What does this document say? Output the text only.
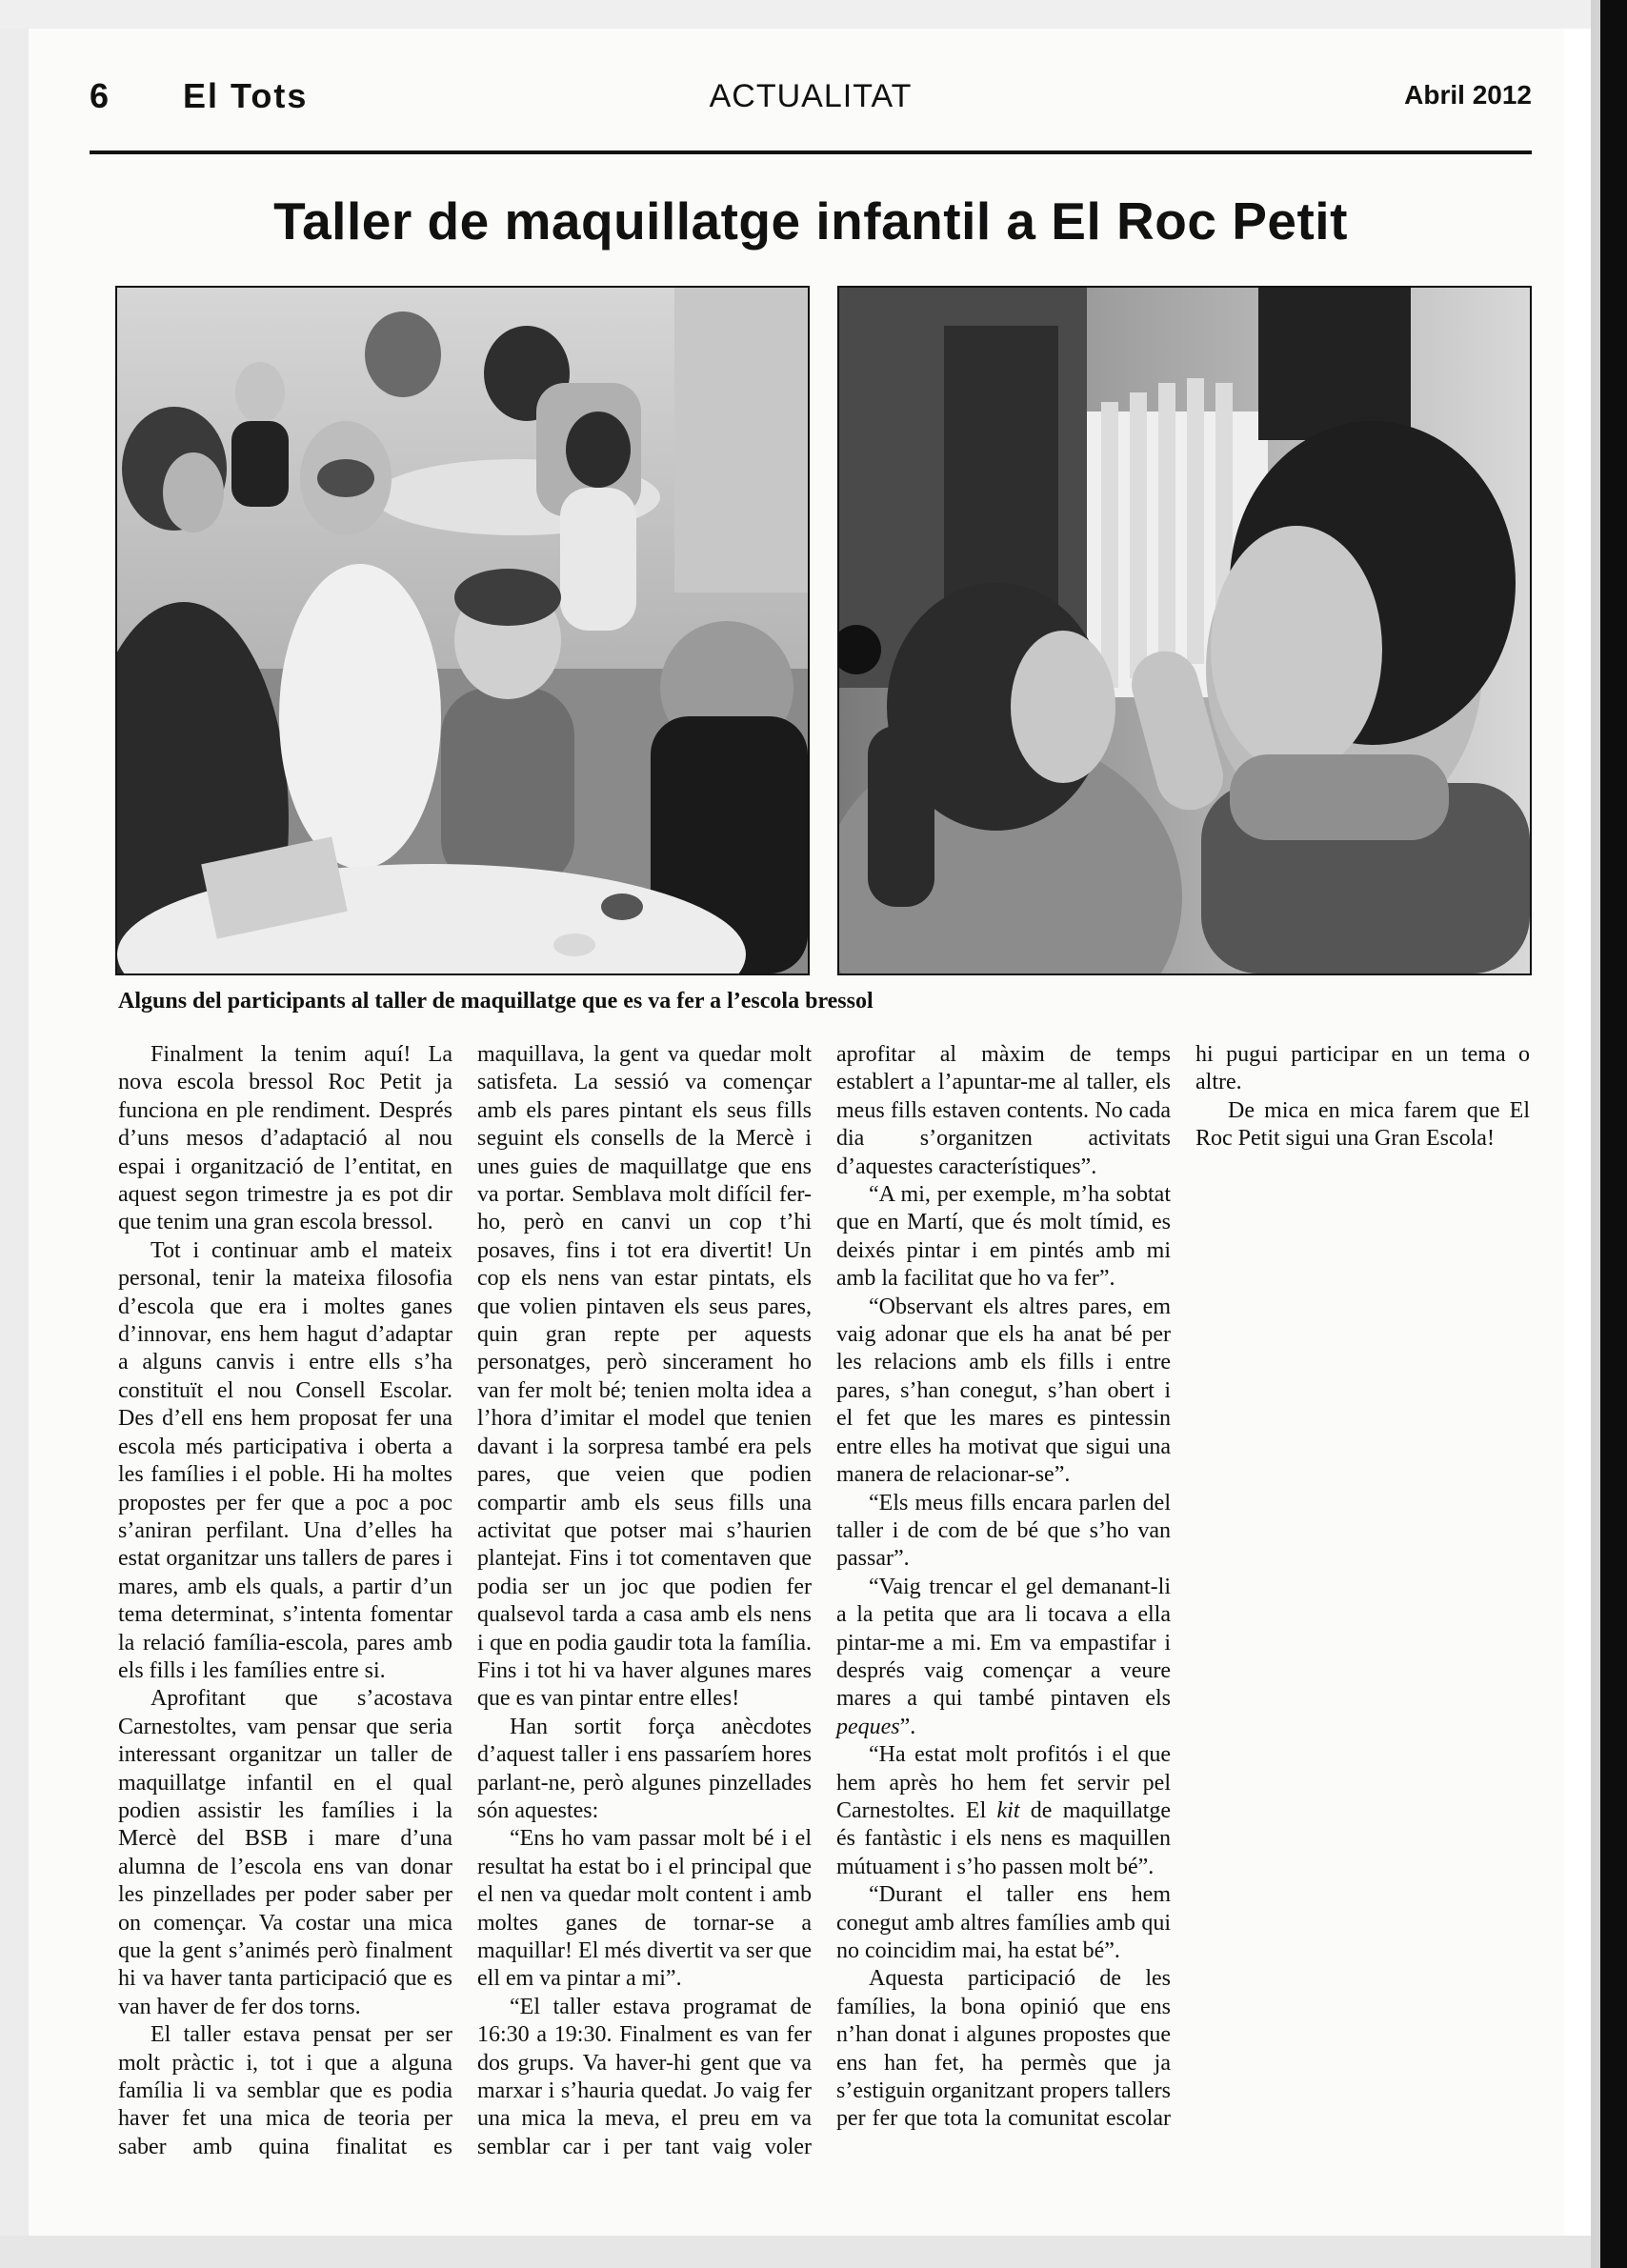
6 El Tots	ACTUALITAT	Abril 2012
Taller de maquillatge infantil a El Roc Petit
Alguns del participants al taller de maquillatge que es va fer a l’escola bressol

Finalment la tenim aquí! La nova escola bressol Roc Petit ja funciona en ple rendiment. Després d’uns mesos d’adaptació al nou espai i organització de l’entitat, en aquest segon trimestre ja es pot dir que tenim una gran escola bressol.

Tot i continuar amb el mateix personal, tenir la mateixa filosofia d’escola que era i moltes ganes d’innovar, ens hem hagut d’adaptar a alguns canvis i entre ells s’ha constituït el nou Consell Escolar. Des d’ell ens hem proposat fer una escola més participativa i oberta a les famílies i el poble. Hi ha moltes propostes per fer que a poc a poc s’aniran perfilant. Una d’elles ha estat organitzar uns tallers de pares i mares, amb els quals, a partir d’un tema determinat, s’intenta fomentar la relació família-escola, pares amb els fills i les famílies entre si.

Aprofitant que s’acostava Carnestoltes, vam pensar que seria interessant organitzar un taller de maquillatge infantil en el qual podien assistir les famílies i la Mercè del BSB i mare d’una alumna de l’escola ens van donar les pinzellades per poder saber per on començar. Va costar una mica que la gent s’animés però finalment hi va haver tanta participació que es van haver de fer dos torns.

El taller estava pensat per ser molt pràctic i, tot i que a alguna família li va semblar que es podia haver fet una mica de teoria per saber amb quina finalitat es maquillava, la gent va quedar molt satisfeta. La sessió va començar amb els pares pintant els seus fills seguint els consells de la Mercè i unes guies de maquillatge que ens va portar. Semblava molt difícil fer-ho, però en canvi un cop t’hi posaves, fins i tot era divertit! Un cop els nens van estar pintats, els que volien pintaven els seus pares, quin gran repte per aquests personatges, però sincerament ho van fer molt bé; tenien molta idea a l’hora d’imitar el model que tenien davant i la sorpresa també era pels pares, que veien que podien compartir amb els seus fills una activitat que potser mai s’haurien plantejat. Fins i tot comentaven que podia ser un joc que podien fer qualsevol tarda a casa amb els nens i que en podia gaudir tota la família. Fins i tot hi va haver algunes mares que es van pintar entre elles!

Han sortit força anècdotes d’aquest taller i ens passaríem hores parlant-ne, però algunes pinzellades són aquestes:

“Ens ho vam passar molt bé i el resultat ha estat bo i el principal que el nen va quedar molt content i amb moltes ganes de tornar-se a maquillar! El més divertit va ser que ell em va pintar a mi”.

“El taller estava programat de 16:30 a 19:30. Finalment es van fer dos grups. Va haver-hi gent que va marxar i s’hauria quedat. Jo vaig fer una mica la meva, el preu em va semblar car i per tant vaig voler aprofitar al màxim de temps establert a l’apuntar-me al taller, els meus fills estaven contents. No cada dia s’organitzen activitats d’aquestes característiques”.

“A mi, per exemple, m’ha sobtat que en Martí, que és molt tímid, es deixés pintar i em pintés amb mi amb la facilitat que ho va fer”.

“Observant els altres pares, em vaig adonar que els ha anat bé per les relacions amb els fills i entre pares, s’han conegut, s’han obert i el fet que les mares es pintessin entre elles ha motivat que sigui una manera de relacionar-se”.

“Els meus fills encara parlen del taller i de com de bé que s’ho van passar”.

“Vaig trencar el gel demanant-li a la petita que ara li tocava a ella pintar-me a mi. Em va empastifar i després vaig començar a veure mares a qui també pintaven els peques”.

“Ha estat molt profitós i el que hem après ho hem fet servir pel Carnestoltes. El kit de maquillatge és fantàstic i els nens es maquillen mútuament i s’ho passen molt bé”.

“Durant el taller ens hem conegut amb altres famílies amb qui no coincidim mai, ha estat bé”.

Aquesta participació de les famílies, la bona opinió que ens n’han donat i algunes propostes que ens han fet, ha permès que ja s’estiguin organitzant propers tallers per fer que tota la comunitat escolar hi pugui participar en un tema o altre.

De mica en mica farem que El Roc Petit sigui una Gran Escola!
